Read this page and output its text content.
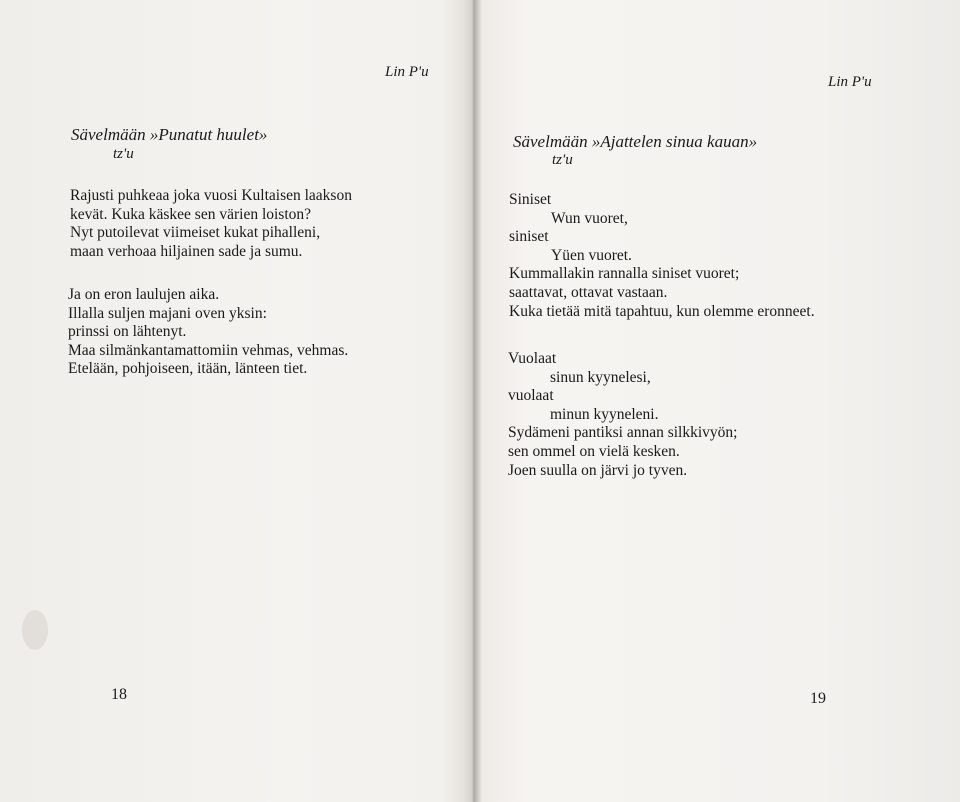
Lin P'u
Sävelmään »Punatut huulet»
tz'u
Rajusti puhkeaa joka vuosi Kultaisen laakson
kevät. Kuka käskee sen värien loiston?
Nyt putoilevat viimeiset kukat pihalleni,
maan verhoaa hiljainen sade ja sumu.
Ja on eron laulujen aika.
Illalla suljen majani oven yksin:
prinssi on lähtenyt.
Maa silmänkantamattomiin vehmas, vehmas.
Etelään, pohjoiseen, itään, länteen tiet.
18
Lin P'u
Sävelmään »Ajattelen sinua kauan»
tz'u
Siniset
Wun vuoret,
siniset
Yüen vuoret.
Kummallakin rannalla siniset vuoret;
saattavat, ottavat vastaan.
Kuka tietää mitä tapahtuu, kun olemme eronneet.
Vuolaat
sinun kyynelesi,
vuolaat
minun kyyneleni.
Sydämeni pantiksi annan silkkivyön;
sen ommel on vielä kesken.
Joen suulla on järvi jo tyven.
19
